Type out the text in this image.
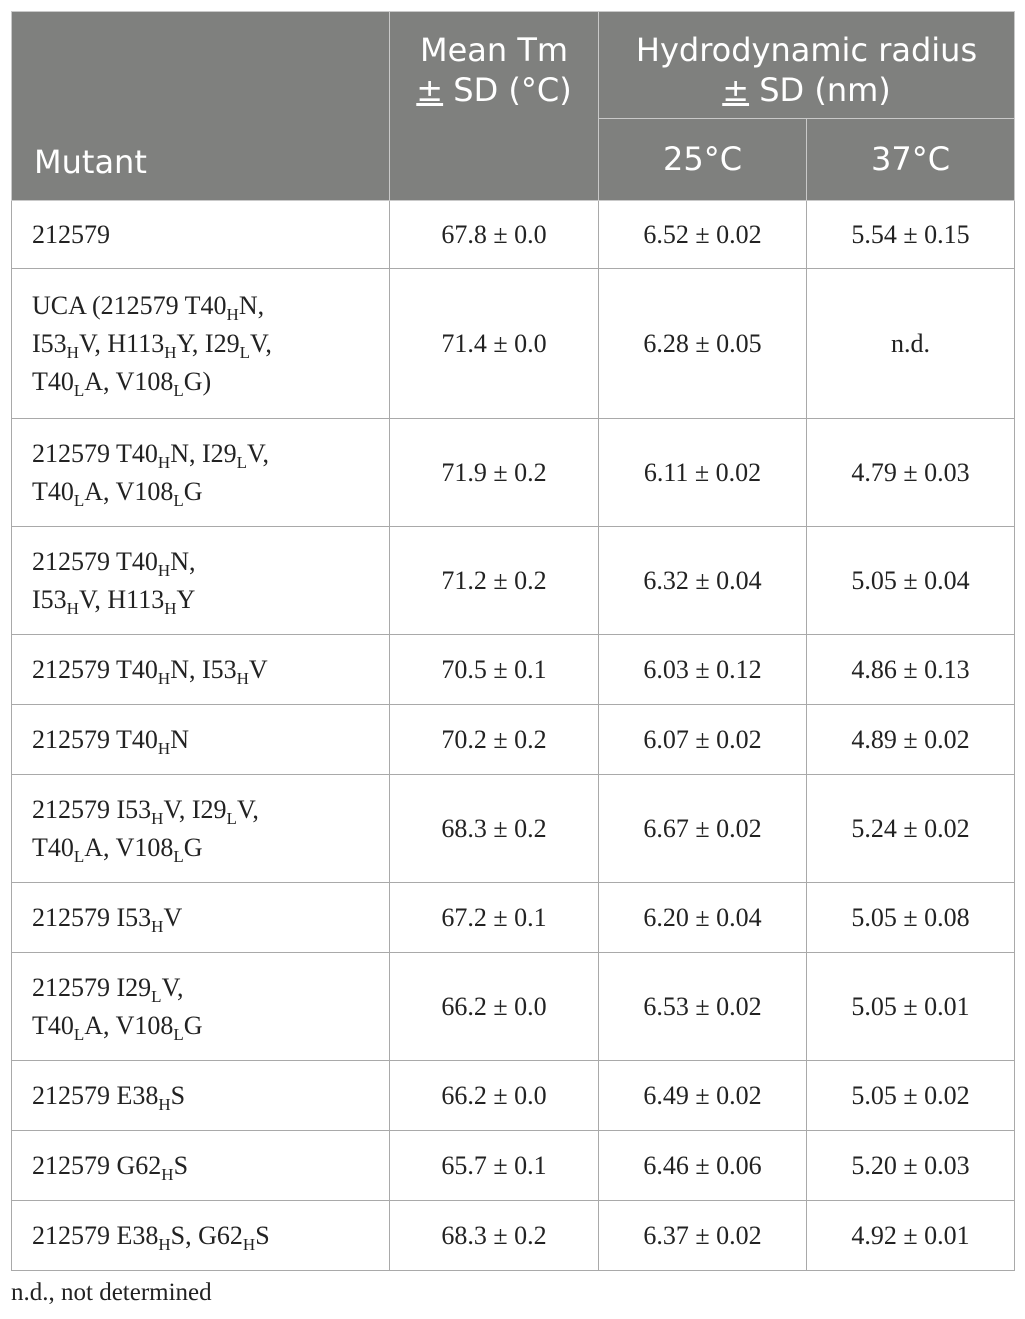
Mutant	Mean Tm
± SD (°C)	Hydrodynamic radius
± SD (nm)	
		25°C	37°C
212579	67.8 ± 0.0	6.52 ± 0.02	5.54 ± 0.15
UCA (212579 $T40_HN$,
$I53_HV$, $H113_HY$, $I29_LV$,
$T40_LA$, $V108_LG$)	71.4 ± 0.0	6.28 ± 0.05	n.d.
212579 $T40_HN$, $I29_LV$,
$T40_LA$, $V108_LG$	71.9 ± 0.2	6.11 ± 0.02	4.79 ± 0.03
212579 $T40_HN$,
$I53_HV$, $H113_HY$	71.2 ± 0.2	6.32 ± 0.04	5.05 ± 0.04
212579 $T40_HN$, $I53_HV$	70.5 ± 0.1	6.03 ± 0.12	4.86 ± 0.13
212579 $T40_HN$	70.2 ± 0.2	6.07 ± 0.02	4.89 ± 0.02
212579 $I53_HV$, $I29_LV$,
$T40_LA$, $V108_LG$	68.3 ± 0.2	6.67 ± 0.02	5.24 ± 0.02
212579 $I53_HV$	67.2 ± 0.1	6.20 ± 0.04	5.05 ± 0.08
212579 $I29_LV$,
$T40_LA$, $V108_LG$	66.2 ± 0.0	6.53 ± 0.02	5.05 ± 0.01
212579 $E38_HS$	66.2 ± 0.0	6.49 ± 0.02	5.05 ± 0.02
212579 $G62_HS$	65.7 ± 0.1	6.46 ± 0.06	5.20 ± 0.03
212579 $E38_HS$, $G62_HS$	68.3 ± 0.2	6.37 ± 0.02	4.92 ± 0.01
n.d., not determined
